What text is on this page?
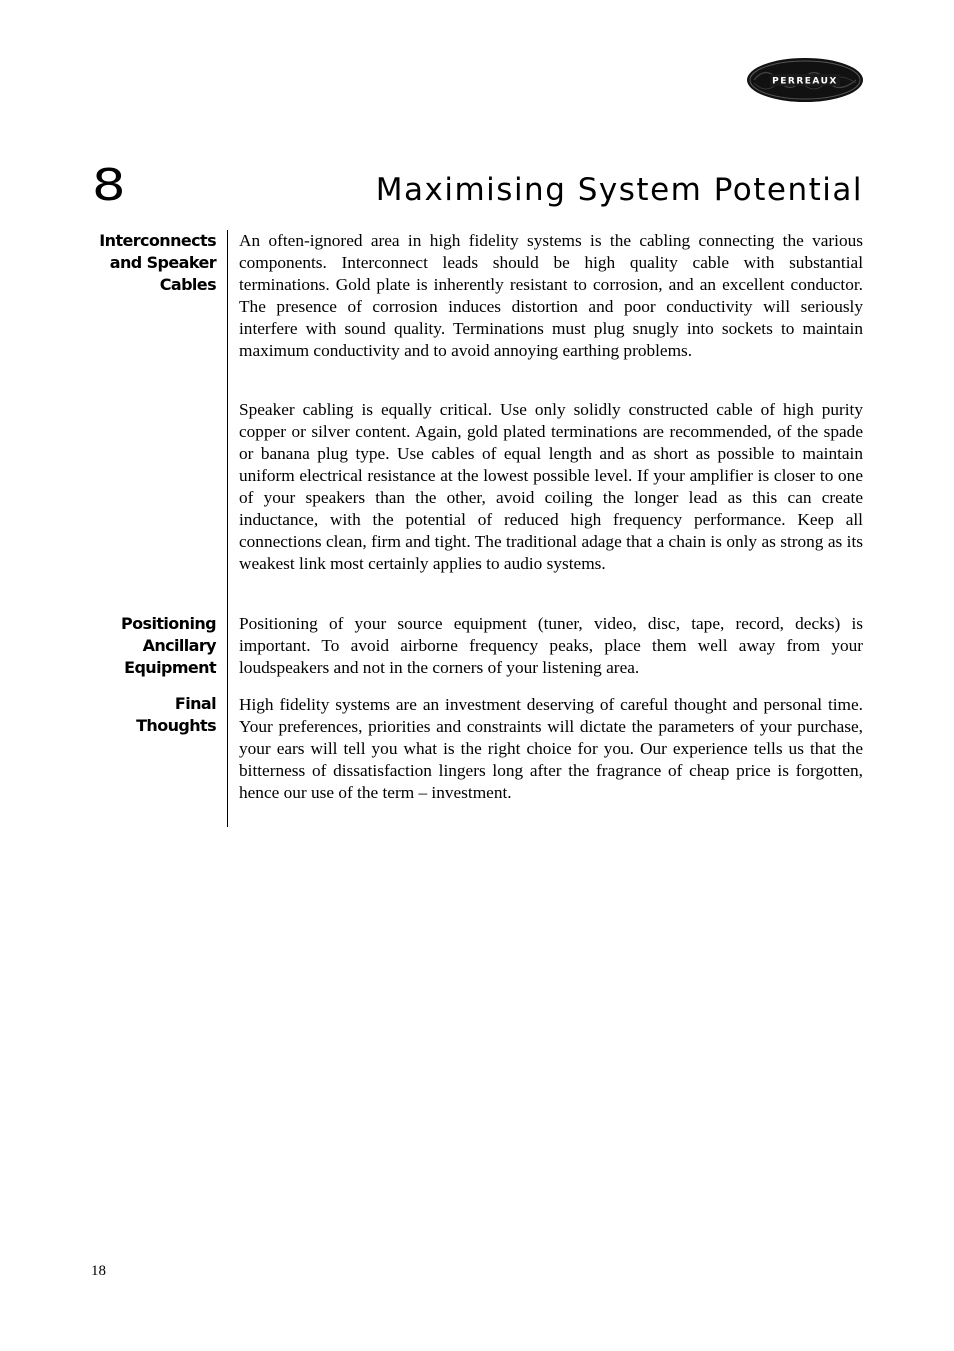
PERREAUX
8	Maximising System Potential
Interconnects
and Speaker
Cables

An often-ignored area in high fidelity systems is the cabling connecting the various components. Interconnect leads should be high quality cable with substantial terminations. Gold plate is inherently resistant to corrosion, and an excellent conductor. The presence of corrosion induces distortion and poor conductivity will seriously interfere with sound quality. Terminations must plug snugly into sockets to maintain maximum conductivity and to avoid annoying earthing problems.

Speaker cabling is equally critical. Use only solidly constructed cable of high purity copper or silver content. Again, gold plated terminations are recommended, of the spade or banana plug type. Use cables of equal length and as short as possible to maintain uniform electrical resistance at the lowest possible level. If your amplifier is closer to one of your speakers than the other, avoid coiling the longer lead as this can create inductance, with the potential of reduced high frequency performance. Keep all connections clean, firm and tight. The traditional adage that a chain is only as strong as its weakest link most certainly applies to audio systems.

Positioning
Ancillary
Equipment

Positioning of your source equipment (tuner, video, disc, tape, record, decks) is important. To avoid airborne frequency peaks, place them well away from your loudspeakers and not in the corners of your listening area.

Final
Thoughts

High fidelity systems are an investment deserving of careful thought and personal time. Your preferences, priorities and constraints will dictate the parameters of your purchase, your ears will tell you what is the right choice for you. Our experience tells us that the bitterness of dissatisfaction lingers long after the fragrance of cheap price is forgotten, hence our use of the term – investment.

18
